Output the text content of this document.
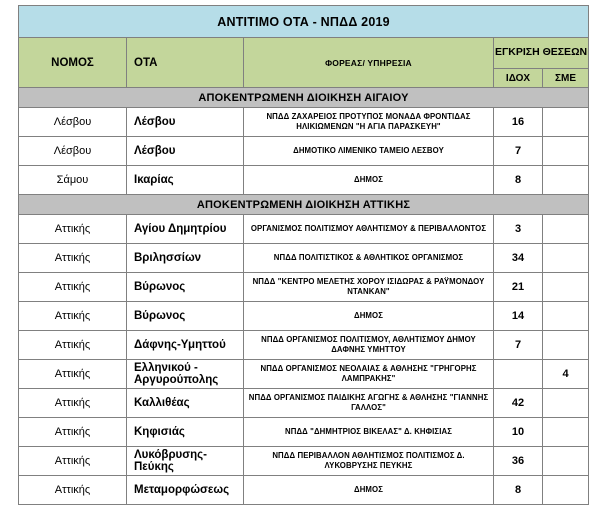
ΑΝΤΙΤΙΜΟ ΟΤΑ - ΝΠΔΔ 2019				
ΝΟΜΟΣ	ΟΤΑ	ΦΟΡΕΑΣ/ ΥΠΗΡΕΣΙΑ	ΕΓΚΡΙΣΗ ΘΕΣΕΩΝ	
			ΙΔΟΧ	ΣΜΕ
ΑΠΟΚΕΝΤΡΩΜΕΝΗ ΔΙΟΙΚΗΣΗ ΑΙΓΑΙΟΥ				
Λέσβου	Λέσβου	ΝΠΔΔ ΖΑΧΑΡΕΙΟΣ ΠΡΟΤΥΠΟΣ ΜΟΝΑΔΑ ΦΡΟΝΤΙΔΑΣ ΗΛΙΚΙΩΜΕΝΩΝ "Η ΑΓΙΑ ΠΑΡΑΣΚΕΥΗ"	16	
Λέσβου	Λέσβου	ΔΗΜΟΤΙΚΟ ΛΙΜΕΝΙΚΟ ΤΑΜΕΙΟ ΛΕΣΒΟΥ	7	
Σάμου	Ικαρίας	ΔΗΜΟΣ	8	
ΑΠΟΚΕΝΤΡΩΜΕΝΗ ΔΙΟΙΚΗΣΗ ΑΤΤΙΚΗΣ				
Αττικής	Αγίου Δημητρίου	ΟΡΓΑΝΙΣΜΟΣ ΠΟΛΙΤΙΣΜΟΥ ΑΘΛΗΤΙΣΜΟΥ & ΠΕΡΙΒΑΛΛΟΝΤΟΣ	3	
Αττικής	Βριλησσίων	ΝΠΔΔ ΠΟΛΙΤΙΣΤΙΚΟΣ & ΑΘΛΗΤΙΚΟΣ ΟΡΓΑΝΙΣΜΟΣ	34	
Αττικής	Βύρωνος	ΝΠΔΔ "ΚΕΝΤΡΟ ΜΕΛΕΤΗΣ ΧΟΡΟΥ ΙΣΙΔΩΡΑΣ & ΡΑΫΜΟΝΔΟΥ ΝΤΑΝΚΑΝ"	21	
Αττικής	Βύρωνος	ΔΗΜΟΣ	14	
Αττικής	Δάφνης-Υμηττού	ΝΠΔΔ ΟΡΓΑΝΙΣΜΟΣ ΠΟΛΙΤΙΣΜΟΥ, ΑΘΛΗΤΙΣΜΟΥ ΔΗΜΟΥ ΔΑΦΝΗΣ ΥΜΗΤΤΟΥ	7	
Αττικής	Ελληνικού - Αργυρούπολης	ΝΠΔΔ ΟΡΓΑΝΙΣΜΟΣ ΝΕΟΛΑΙΑΣ & ΑΘΛΗΣΗΣ "ΓΡΗΓΟΡΗΣ ΛΑΜΠΡΑΚΗΣ"		4
Αττικής	Καλλιθέας	ΝΠΔΔ ΟΡΓΑΝΙΣΜΟΣ ΠΑΙΔΙΚΗΣ ΑΓΩΓΗΣ & ΑΘΛΗΣΗΣ "ΓΙΑΝΝΗΣ ΓΑΛΛΟΣ"	42	
Αττικής	Κηφισιάς	ΝΠΔΔ "ΔΗΜΗΤΡΙΟΣ ΒΙΚΕΛΑΣ" Δ. ΚΗΦΙΣΙΑΣ	10	
Αττικής	Λυκόβρυσης-Πεύκης	ΝΠΔΔ ΠΕΡΙΒΑΛΛΟΝ ΑΘΛΗΤΙΣΜΟΣ ΠΟΛΙΤΙΣΜΟΣ Δ. ΛΥΚΟΒΡΥΣΗΣ ΠΕΥΚΗΣ	36	
Αττικής	Μεταμορφώσεως	ΔΗΜΟΣ	8	
